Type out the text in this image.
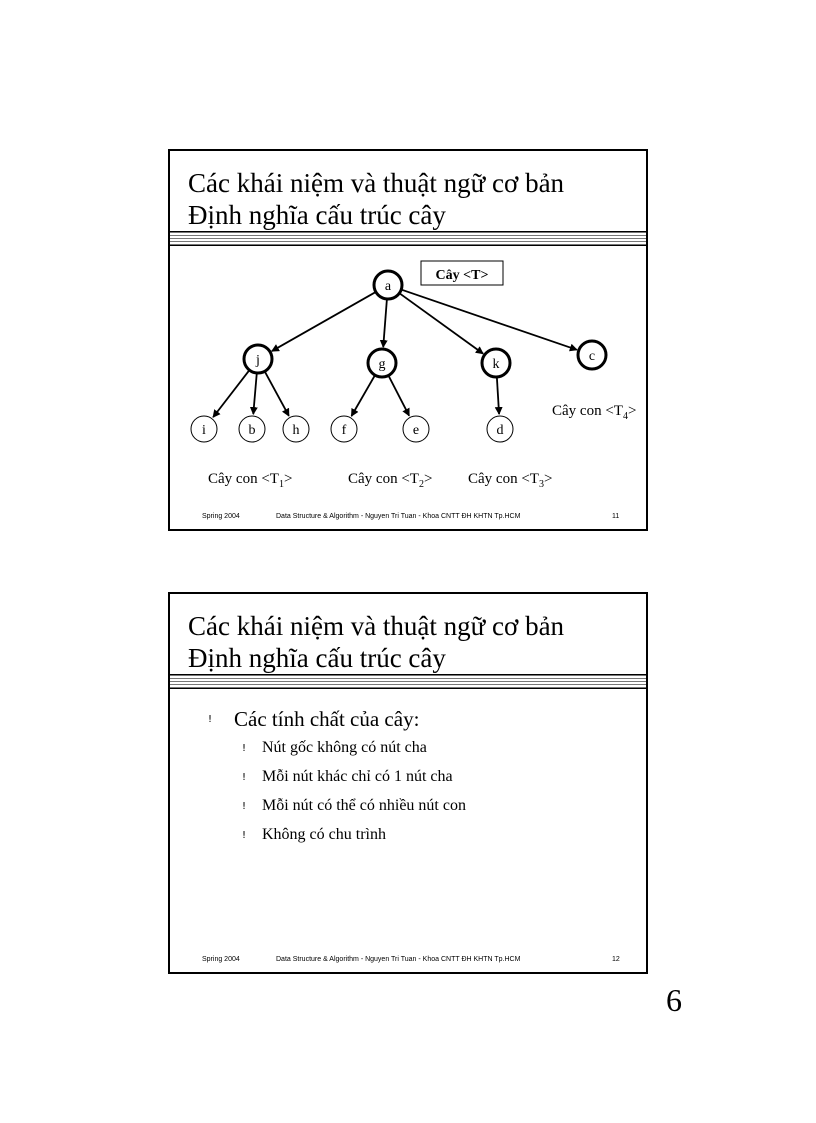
Các khái niệm và thuật ngữ cơ bản
Định nghĩa cấu trúc cây
a
j	g	k
c
i	b	h	f	e	d
Cây <T>
Cây con $<T_1>$	Cây con $<T_2>$ Cây con $<T_3>$
Cây con $<T_4>$
Spring 2004	Data Structure & Algorithm - Nguyen Tri Tuan - Khoa CNTT ĐH KHTN Tp.HCM	11
Các khái niệm và thuật ngữ cơ bản
Định nghĩa cấu trúc cây
! Các tính chất của cây:
! Nút gốc không có nút cha
! Mỗi nút khác chỉ có 1 nút cha
! Mỗi nút có thể có nhiều nút con
! Không có chu trình
Spring 2004	Data Structure & Algorithm - Nguyen Tri Tuan - Khoa CNTT ĐH KHTN Tp.HCM	12
6
